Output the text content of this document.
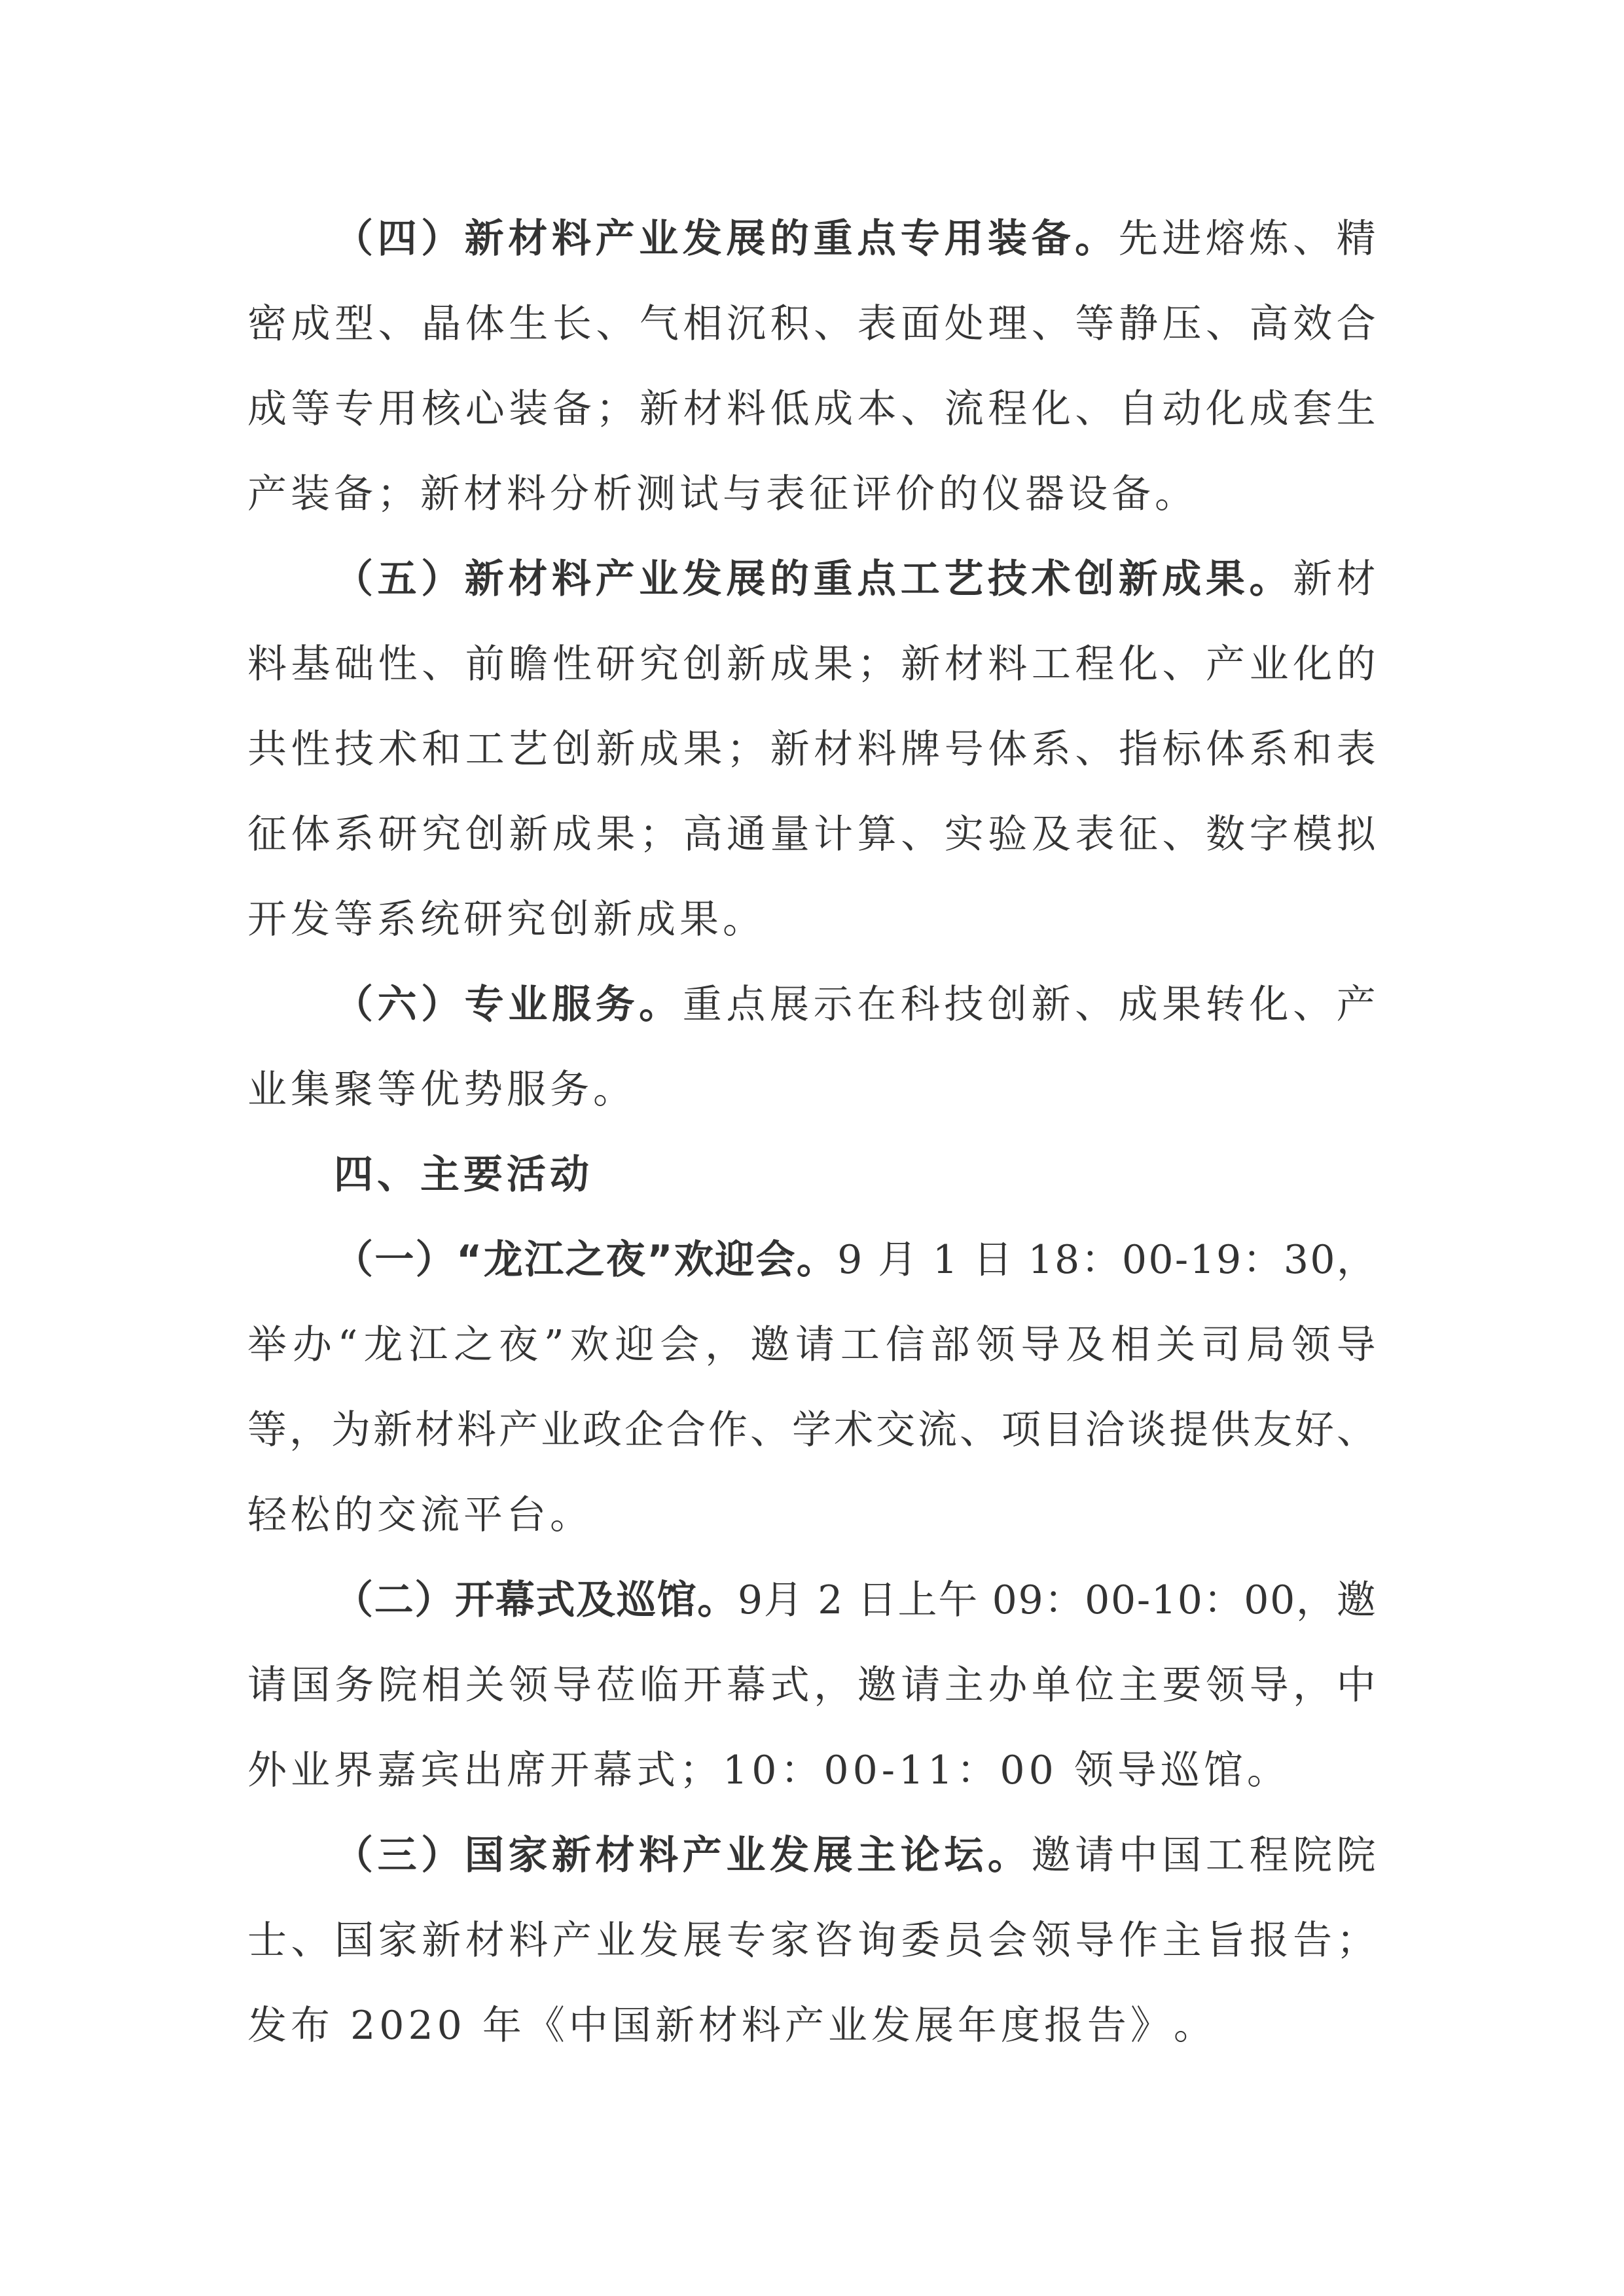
（ 四 ） 新 材 料 产 业 发 展 的 重 点 专 用 装 备 。 先 进 熔 炼 、 精
密 成 型 、 晶 体 生 长 、 气 相 沉 积 、 表 面 处 理 、 等 静 压 、 高 效 合
成 等 专 用 核 心 装 备 ； 新 材 料 低 成 本 、 流 程 化 、 自 动 化 成 套 生
产 装 备 ； 新 材 料 分 析 测 试 与 表 征 评 价 的 仪 器 设 备 。
（ 五 ） 新 材 料 产 业 发 展 的 重 点 工 艺 技 术 创 新 成 果 。 新 材
料 基 础 性 、 前 瞻 性 研 究 创 新 成 果 ； 新 材 料 工 程 化 、 产 业 化 的
共 性 技 术 和 工 艺 创 新 成 果 ； 新 材 料 牌 号 体 系 、 指 标 体 系 和 表
征 体 系 研 究 创 新 成 果 ； 高 通 量 计 算 、 实 验 及 表 征 、 数 字 模 拟
开 发 等 系 统 研 究 创 新 成 果 。
（ 六 ） 专 业 服 务 。 重 点 展 示 在 科 技 创 新 、 成 果 转 化 、 产
业 集 聚 等 优 势 服 务 。
四 、 主 要 活 动
（ 一 ） “ 龙 江 之 夜 ” 欢 迎 会 。 9
月
1
日
1 8 ： 0 0 - 1 9 ： 3 0 ，
举 办 “ 龙 江 之 夜 ” 欢 迎 会 ， 邀 请 工 信 部 领 导 及 相 关 司 局 领 导
等 ， 为 新 材 料 产 业 政 企 合 作 、 学 术 交 流 、 项 目 洽 谈 提 供 友 好 、
轻 松 的 交 流 平 台 。
（ 二 ） 开 幕 式 及 巡 馆 。 9 月
2
日 上 午
0 9 ： 0 0 - 1 0 ： 0 0 ， 邀
请 国 务 院 相 关 领 导 莅 临 开 幕 式 ， 邀 请 主 办 单 位 主 要 领 导 ， 中
外 业 界 嘉 宾 出 席 开 幕 式 ； 1 0 ： 0 0 - 1 1 ： 0 0
领 导 巡 馆 。
（ 三 ） 国 家 新 材 料 产 业 发 展 主 论 坛 。 邀 请 中 国 工 程 院 院
士 、 国 家 新 材 料 产 业 发 展 专 家 咨 询 委 员 会 领 导 作 主 旨 报 告 ；
发 布
2 0 2 0
年 《 中 国 新 材 料 产 业 发 展 年 度 报 告 》 。
